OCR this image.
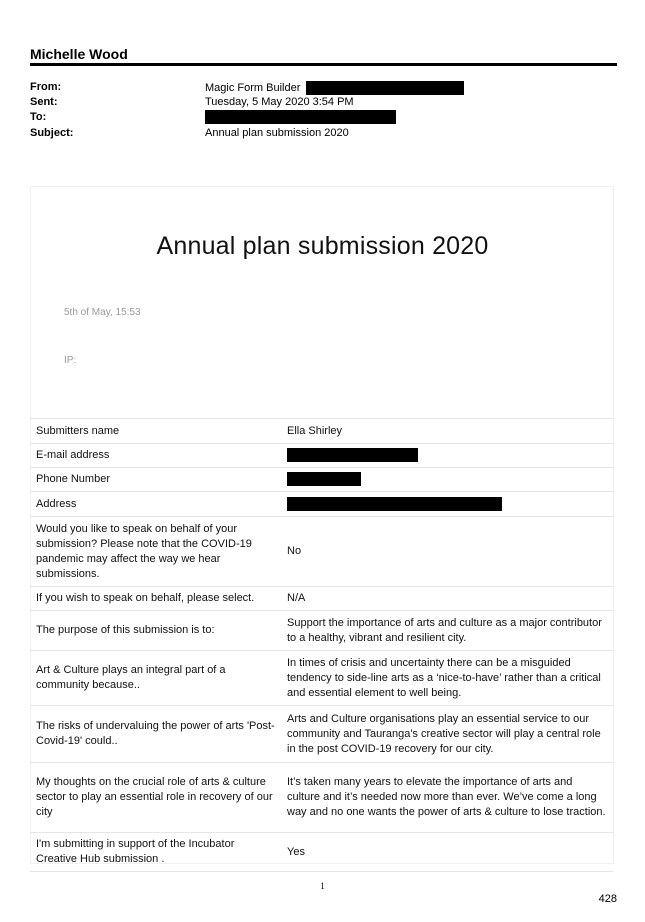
Michelle Wood
From:	Magic Form Builder
Sent:	Tuesday, 5 May 2020 3:54 PM
To:
Subject:	Annual plan submission 2020
Annual plan submission 2020
5th of May, 15:53
IP:
Submitters name	Ella Shirley
E-mail address	
Phone Number	
Address	
Would you like to speak on behalf of your submission? Please note that the COVID-19 pandemic may affect the way we hear submissions.	No
If you wish to speak on behalf, please select.	N/A
The purpose of this submission is to:	Support the importance of arts and culture as a major contributor to a healthy, vibrant and resilient city.
Art & Culture plays an integral part of a community because..	In times of crisis and uncertainty there can be a misguided tendency to side-line arts as a ‘nice-to-have’ rather than a critical and essential element to well being.
The risks of undervaluing the power of arts 'Post-Covid-19' could..	Arts and Culture organisations play an essential service to our community and Tauranga's creative sector will play a central role in the post COVID-19 recovery for our city.
My thoughts on the crucial role of arts & culture sector to play an essential role in recovery of our city	It’s taken many years to elevate the importance of arts and culture and it’s needed now more than ever. We’ve come a long way and no one wants the power of arts & culture to lose traction.
I'm submitting in support of the Incubator Creative Hub submission .	Yes
1
428
